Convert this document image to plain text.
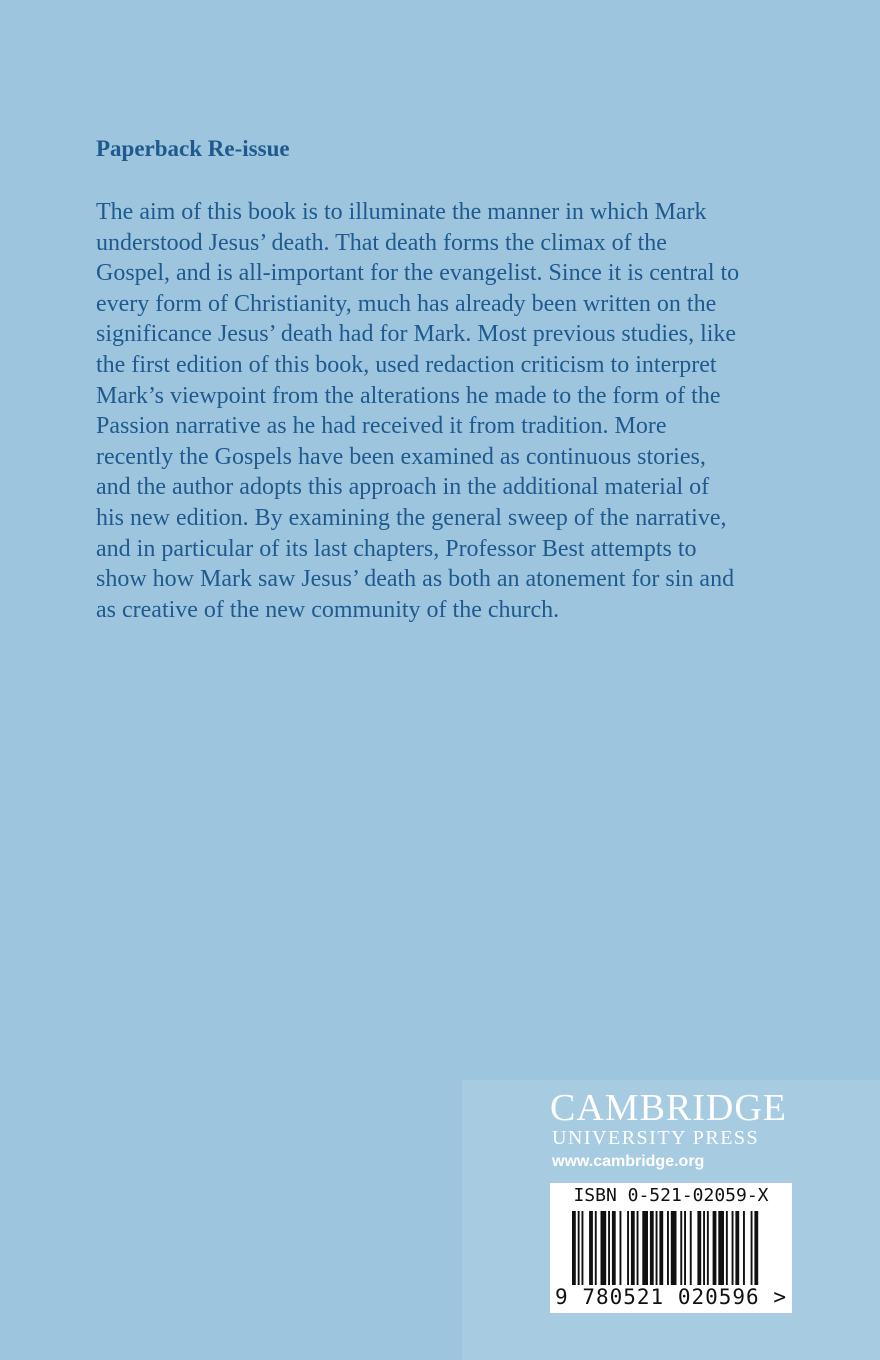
Paperback Re-issue

The aim of this book is to illuminate the manner in which Mark
understood Jesus’ death. That death forms the climax of the
Gospel, and is all-important for the evangelist. Since it is central to
every form of Christianity, much has already been written on the
significance Jesus’ death had for Mark. Most previous studies, like
the first edition of this book, used redaction criticism to interpret
Mark’s viewpoint from the alterations he made to the form of the
Passion narrative as he had received it from tradition. More
recently the Gospels have been examined as continuous stories,
and the author adopts this approach in the additional material of
his new edition. By examining the general sweep of the narrative,
and in particular of its last chapters, Professor Best attempts to
show how Mark saw Jesus’ death as both an atonement for sin and
as creative of the new community of the church.

CAMBRIDGE
UNIVERSITY PRESS
www.cambridge.org
ISBN 0-521-02059-X
9 780521 020596 >
